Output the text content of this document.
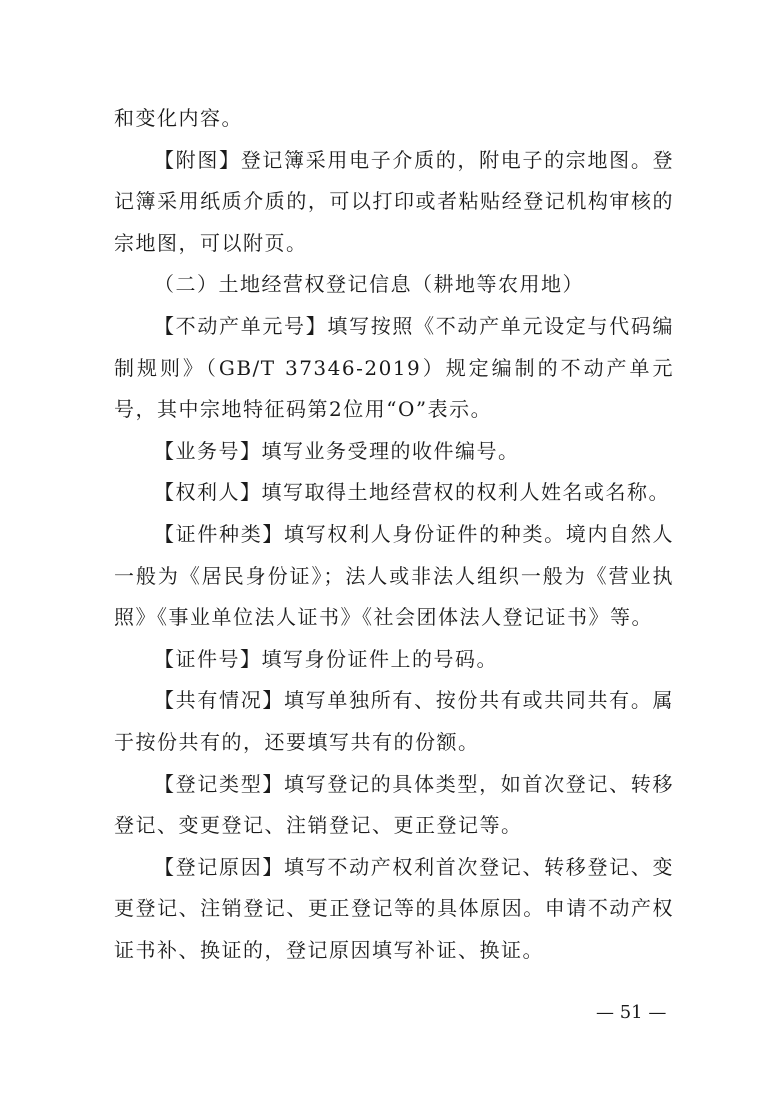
和变化内容。

【附图】登记簿采用电子介质的，附电子的宗地图。登记簿采用纸质介质的，可以打印或者粘贴经登记机构审核的宗地图，可以附页。

（二）土地经营权登记信息（耕地等农用地）

【不动产单元号】填写按照《不动产单元设定与代码编制规则》（GB/T 37346-2019）规定编制的不动产单元号，其中宗地特征码第2位用“O”表示。

【业务号】填写业务受理的收件编号。

【权利人】填写取得土地经营权的权利人姓名或名称。

【证件种类】填写权利人身份证件的种类。境内自然人一般为《居民身份证》；法人或非法人组织一般为《营业执照》《事业单位法人证书》《社会团体法人登记证书》等。

【证件号】填写身份证件上的号码。

【共有情况】填写单独所有、按份共有或共同共有。属于按份共有的，还要填写共有的份额。

【登记类型】填写登记的具体类型，如首次登记、转移登记、变更登记、注销登记、更正登记等。

【登记原因】填写不动产权利首次登记、转移登记、变更登记、注销登记、更正登记等的具体原因。申请不动产权证书补、换证的，登记原因填写补证、换证。

— 51 —
